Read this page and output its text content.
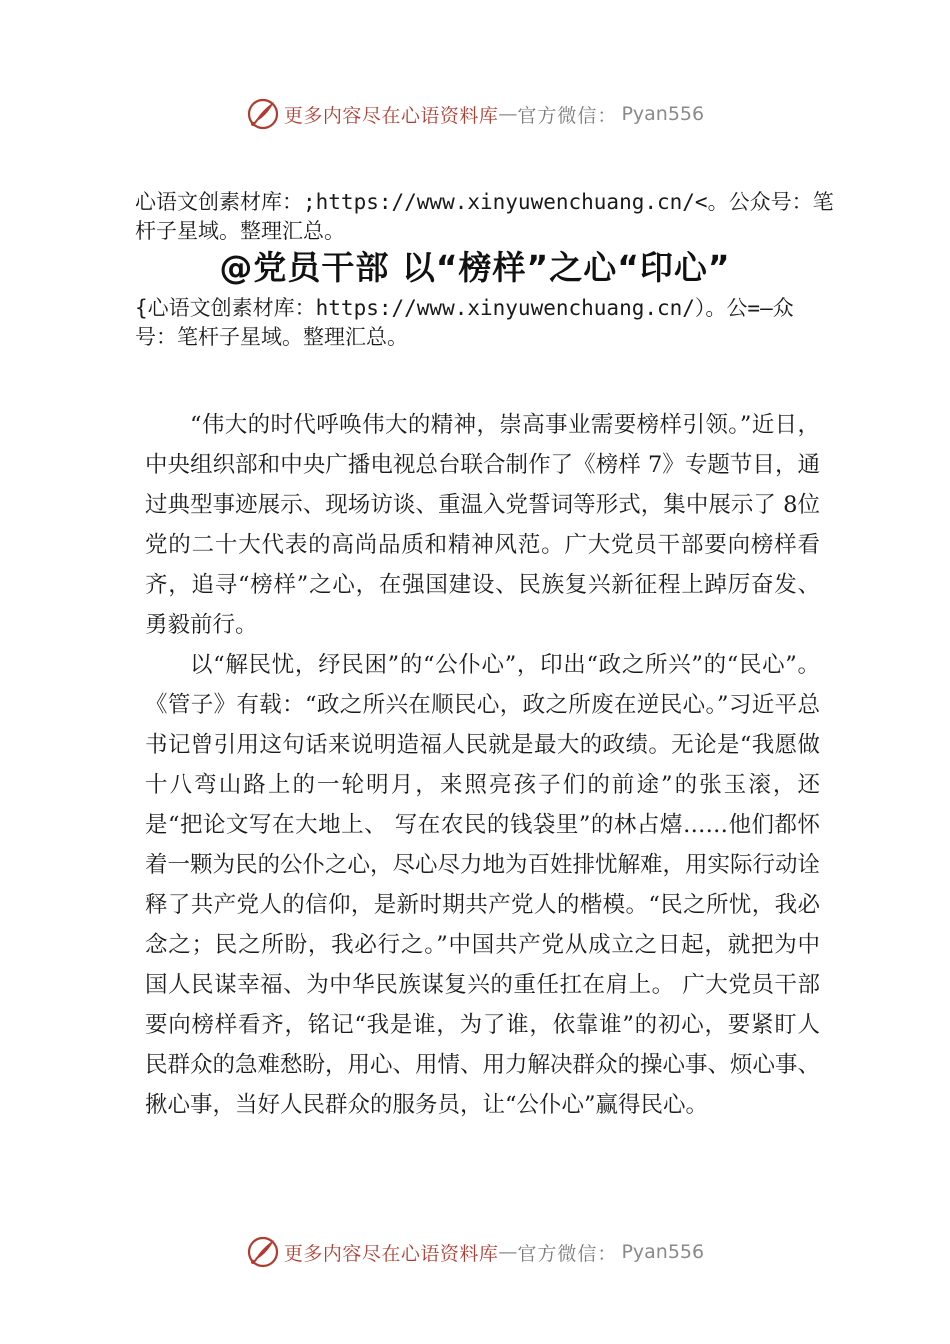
更多内容尽在心语资料库 — 官方微信： Pyan556
心语文创素材库：;https://www.xinyuwenchuang.cn/<。公众号：笔杆子星域。整理汇总。
@党员干部 以“榜样”之心“印心”
{心语文创素材库：https://www.xinyuwenchuang.cn/）。公=—众号：笔杆子星域。整理汇总。

“伟大的时代呼唤伟大的精神，崇高事业需要榜样引领。”近日，中央组织部和中央广播电视总台联合制作了《榜样 7》专题节目，通过典型事迹展示、现场访谈、重温入党誓词等形式，集中展示了 8位党的二十大代表的高尚品质和精神风范。广大党员干部要向榜样看齐，追寻“榜样”之心，在强国建设、民族复兴新征程上踔厉奋发、勇毅前行。

以“解民忧，纾民困”的“公仆心”，印出“政之所兴”的“民心”。《管子》有载：“政之所兴在顺民心，政之所废在逆民心。”习近平总书记曾引用这句话来说明造福人民就是最大的政绩。无论是“我愿做十八弯山路上的一轮明月，来照亮孩子们的前途”的张玉滚，还是“把论文写在大地上、 写在农民的钱袋里”的林占熺……他们都怀着一颗为民的公仆之心，尽心尽力地为百姓排忧解难，用实际行动诠释了共产党人的信仰，是新时期共产党人的楷模。“民之所忧，我必念之；民之所盼，我必行之。”中国共产党从成立之日起，就把为中国人民谋幸福、为中华民族谋复兴的重任扛在肩上。 广大党员干部要向榜样看齐，铭记“我是谁，为了谁，依靠谁”的初心，要紧盯人民群众的急难愁盼，用心、用情、用力解决群众的操心事、烦心事、揪心事，当好人民群众的服务员，让“公仆心”赢得民心。

更多内容尽在心语资料库 — 官方微信： Pyan556
